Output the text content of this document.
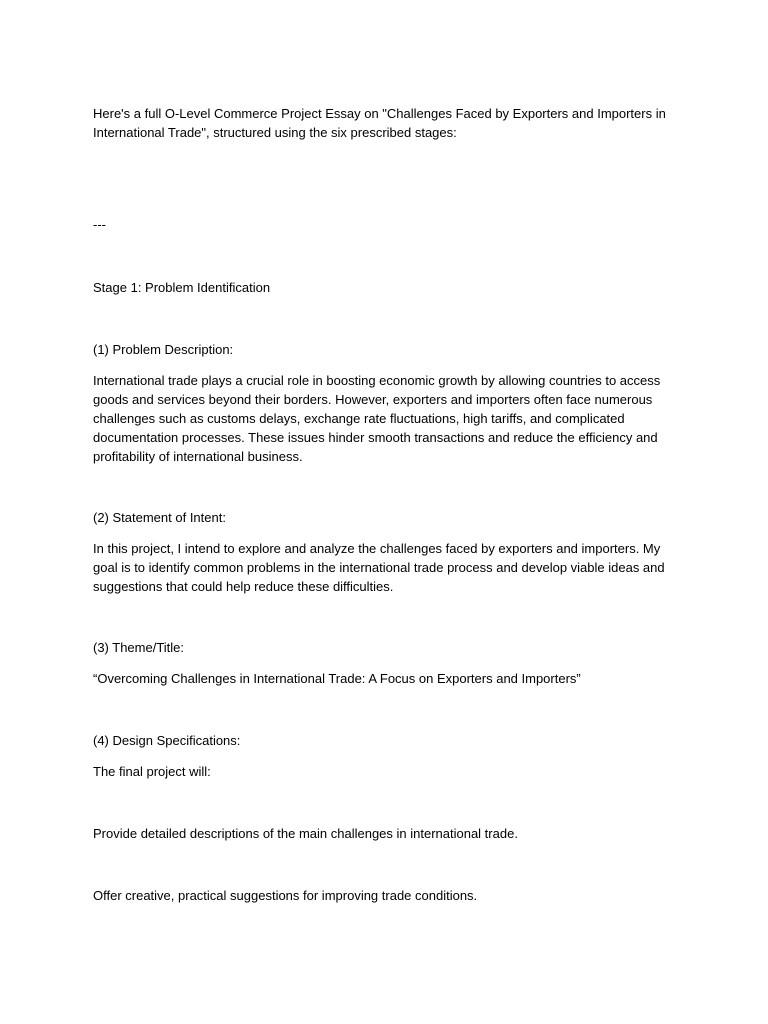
Here's a full O-Level Commerce Project Essay on "Challenges Faced by Exporters and Importers in International Trade", structured using the six prescribed stages:

---

Stage 1: Problem Identification

(1) Problem Description:

International trade plays a crucial role in boosting economic growth by allowing countries to access goods and services beyond their borders. However, exporters and importers often face numerous challenges such as customs delays, exchange rate fluctuations, high tariffs, and complicated documentation processes. These issues hinder smooth transactions and reduce the efficiency and profitability of international business.

(2) Statement of Intent:

In this project, I intend to explore and analyze the challenges faced by exporters and importers. My goal is to identify common problems in the international trade process and develop viable ideas and suggestions that could help reduce these difficulties.

(3) Theme/Title:

“Overcoming Challenges in International Trade: A Focus on Exporters and Importers”

(4) Design Specifications:

The final project will:

Provide detailed descriptions of the main challenges in international trade.

Offer creative, practical suggestions for improving trade conditions.
